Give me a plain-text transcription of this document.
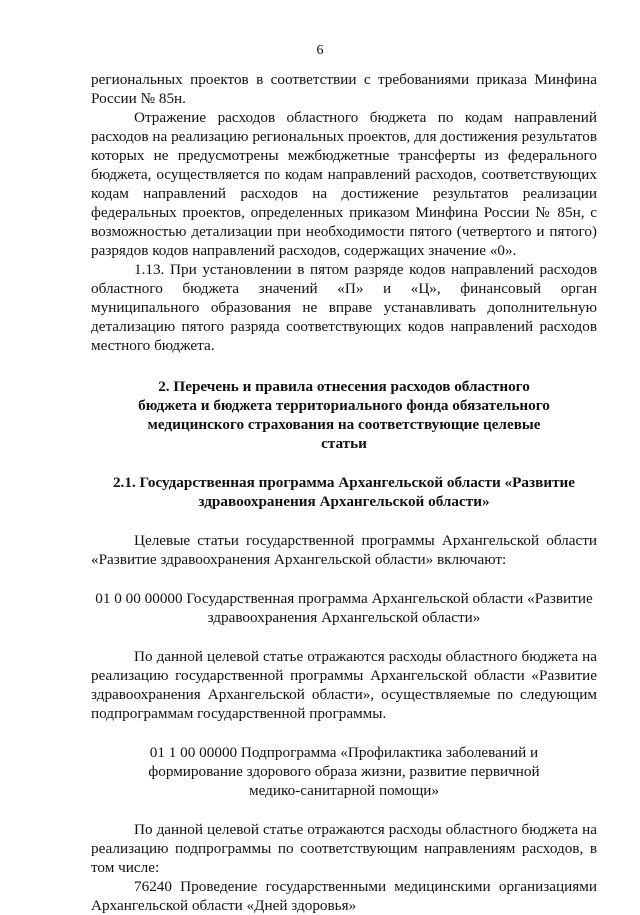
6

региональных проектов в соответствии с требованиями приказа Минфина России № 85н.

Отражение расходов областного бюджета по кодам направлений расходов на реализацию региональных проектов, для достижения результатов которых не предусмотрены межбюджетные трансферты из федерального бюджета, осуществляется по кодам направлений расходов, соответствующих кодам направлений расходов на достижение результатов реализации федеральных проектов, определенных приказом Минфина России № 85н, с возможностью детализации при необходимости пятого (четвертого и пятого) разрядов кодов направлений расходов, содержащих значение «0».

1.13. При установлении в пятом разряде кодов направлений расходов областного бюджета значений «П» и «Ц», финансовый орган муниципального образования не вправе устанавливать дополнительную детализацию пятого разряда соответствующих кодов направлений расходов местного бюджета.

2. Перечень и правила отнесения расходов областного бюджета и бюджета территориального фонда обязательного медицинского страхования на соответствующие целевые статьи

2.1. Государственная программа Архангельской области «Развитие здравоохранения Архангельской области»

Целевые статьи государственной программы Архангельской области «Развитие здравоохранения Архангельской области» включают:

01 0 00 00000 Государственная программа Архангельской области «Развитие здравоохранения Архангельской области»

По данной целевой статье отражаются расходы областного бюджета на реализацию государственной программы Архангельской области «Развитие здравоохранения Архангельской области», осуществляемые по следующим подпрограммам государственной программы.

01 1 00 00000 Подпрограмма «Профилактика заболеваний и формирование здорового образа жизни, развитие первичной медико-санитарной помощи»

По данной целевой статье отражаются расходы областного бюджета на реализацию подпрограммы по соответствующим направлениям расходов, в том числе:

76240 Проведение государственными медицинскими организациями Архангельской области «Дней здоровья»
